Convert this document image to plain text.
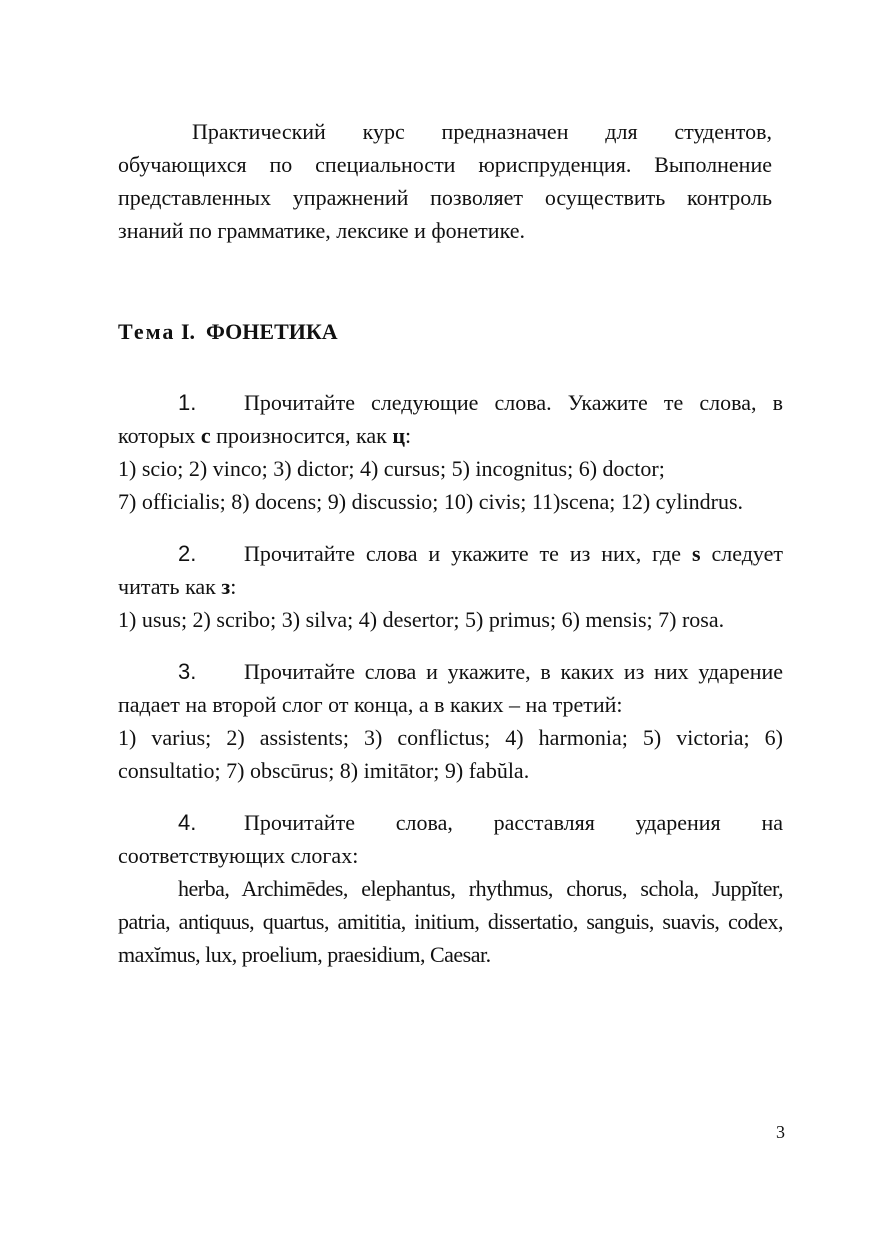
Практический курс предназначен для студентов, обучающихся по специальности юриспруденция. Выполнение представленных упражнений позволяет осуществить контроль знаний по грамматике, лексике и фонетике.

Тема I. ФОНЕТИКА

1. Прочитайте следующие слова. Укажите те слова, в которых с произносится, как ц:

1) scio; 2) vinco; 3) dictor; 4) cursus; 5) incognitus; 6) doctor;

7) officialis; 8) docens; 9) discussio; 10) civis; 11)scena; 12) cylindrus.

2. Прочитайте слова и укажите те из них, где s следует читать как з:

1) usus; 2) scribo; 3) silva; 4) desertor; 5) primus; 6) mensis; 7) rosa.

3. Прочитайте слова и укажите, в каких из них ударение падает на второй слог от конца, а в каких – на третий:

1) varius; 2) assistents; 3) conflictus; 4) harmonia; 5) victoria; 6) consultatio; 7) obscūrus; 8) imitātor; 9) fabŭla.

4. Прочитайте слова, расставляя ударения на соответствующих слогах:

herba, Archimēdes, elephantus, rhythmus, chorus, schola, Juppĭter, patria, antiquus, quartus, amititia, initium, dissertatio, sanguis, suavis, codex, maxĭmus, lux, proelium, praesidium, Caesar.

3
